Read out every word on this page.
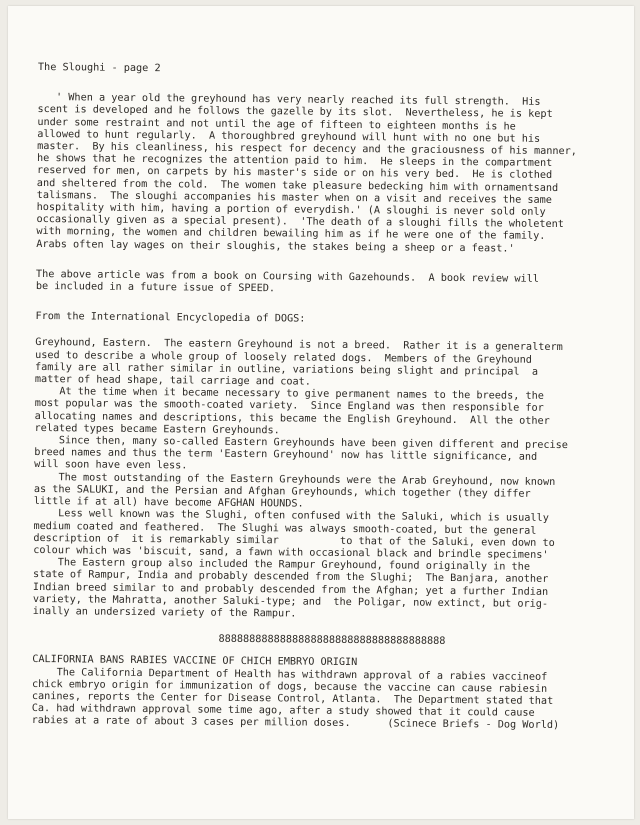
The Sloughi - page 2

' When a year old the greyhound has very nearly reached its full strength.  His

scent is developed and he follows the gazelle by its slot.  Nevertheless, he is kept

under some restraint and not until the age of fifteen to eighteen months is he

allowed to hunt regularly.  A thoroughbred greyhound will hunt with no one but his

master.  By his cleanliness, his respect for decency and the graciousness of his manner,

he shows that he recognizes the attention paid to him.  He sleeps in the compartment

reserved for men, on carpets by his master's side or on his very bed.  He is clothed

and sheltered from the cold.  The women take pleasure bedecking him with ornamentsand

talismans.  The sloughi accompanies his master when on a visit and receives the same

hospitality with him, having a portion of everydish.' (A sloughi is never sold only

occasionally given as a special present).  'The death of a sloughi fills the wholetent

with morning, the women and children bewailing him as if he were one of the family.

Arabs often lay wages on their sloughis, the stakes being a sheep or a feast.'

The above article was from a book on Coursing with Gazehounds.  A book review will

be included in a future issue of SPEED.

From the International Encyclopedia of DOGS:

Greyhound, Eastern.  The eastern Greyhound is not a breed.  Rather it is a generalterm

used to describe a whole group of loosely related dogs.  Members of the Greyhound

family are all rather similar in outline, variations being slight and principal  a

matter of head shape, tail carriage and coat.

At the time when it became necessary to give permanent names to the breeds, the

most popular was the smooth-coated variety.  Since England was then responsible for

allocating names and descriptions, this became the English Greyhound.  All the other

related types became Eastern Greyhounds.

Since then, many so-called Eastern Greyhounds have been given different and precise

breed names and thus the term 'Eastern Greyhound' now has little significance, and

will soon have even less.

The most outstanding of the Eastern Greyhounds were the Arab Greyhound, now known

as the SALUKI, and the Persian and Afghan Greyhounds, which together (they differ

little if at all) have become AFGHAN HOUNDS.

Less well known was the Slughi, often confused with the Saluki, which is usually

medium coated and feathered.  The Slughi was always smooth-coated, but the general

description of  it is remarkably similar          to that of the Saluki, even down to

colour which was 'biscuit, sand, a fawn with occasional black and brindle specimens'

The Eastern group also included the Rampur Greyhound, found originally in the

state of Rampur, India and probably descended from the Slughi;  The Banjara, another

Indian breed similar to and probably descended from the Afghan; yet a further Indian

variety, the Mahratta, another Saluki-type; and  the Poligar, now extinct, but orig-

inally an undersized variety of the Rampur.

8888888888888888888888888888888888888

CALIFORNIA BANS RABIES VACCINE OF CHICH EMBRYO ORIGIN

The California Department of Health has withdrawn approval of a rabies vaccineof

chick embryo origin for immunization of dogs, because the vaccine can cause rabiesin

canines, reports the Center for Disease Control, Atlanta.  The Department stated that

Ca. had withdrawn approval some time ago, after a study showed that it could cause

rabies at a rate of about 3 cases per million doses.      (Scinece Briefs - Dog World)
